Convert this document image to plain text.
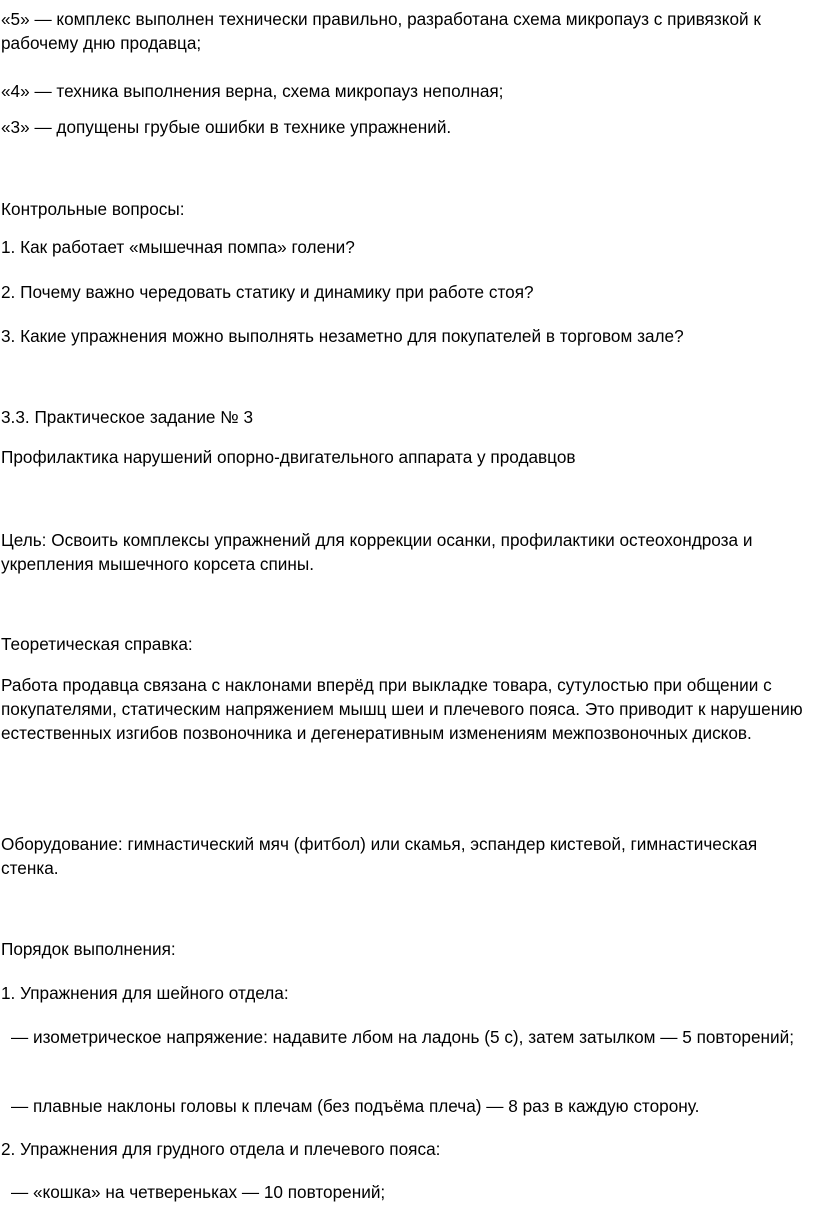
«5» — комплекс выполнен технически правильно, разработана схема микропауз с привязкой к рабочему дню продавца;

«4» — техника выполнения верна, схема микропауз неполная;

«3» — допущены грубые ошибки в технике упражнений.

Контрольные вопросы:

1. Как работает «мышечная помпа» голени?

2. Почему важно чередовать статику и динамику при работе стоя?

3. Какие упражнения можно выполнять незаметно для покупателей в торговом зале?

3.3. Практическое задание № 3

Профилактика нарушений опорно-двигательного аппарата у продавцов

Цель: Освоить комплексы упражнений для коррекции осанки, профилактики остеохондроза и укрепления мышечного корсета спины.

Теоретическая справка:

Работа продавца связана с наклонами вперёд при выкладке товара, сутулостью при общении с покупателями, статическим напряжением мышц шеи и плечевого пояса. Это приводит к нарушению естественных изгибов позвоночника и дегенеративным изменениям межпозвоночных дисков.

Оборудование: гимнастический мяч (фитбол) или скамья, эспандер кистевой, гимнастическая стенка.

Порядок выполнения:

1. Упражнения для шейного отдела:

— изометрическое напряжение: надавите лбом на ладонь (5 с), затем затылком — 5 повторений;

— плавные наклоны головы к плечам (без подъёма плеча) — 8 раз в каждую сторону.

2. Упражнения для грудного отдела и плечевого пояса:

— «кошка» на четвереньках — 10 повторений;
